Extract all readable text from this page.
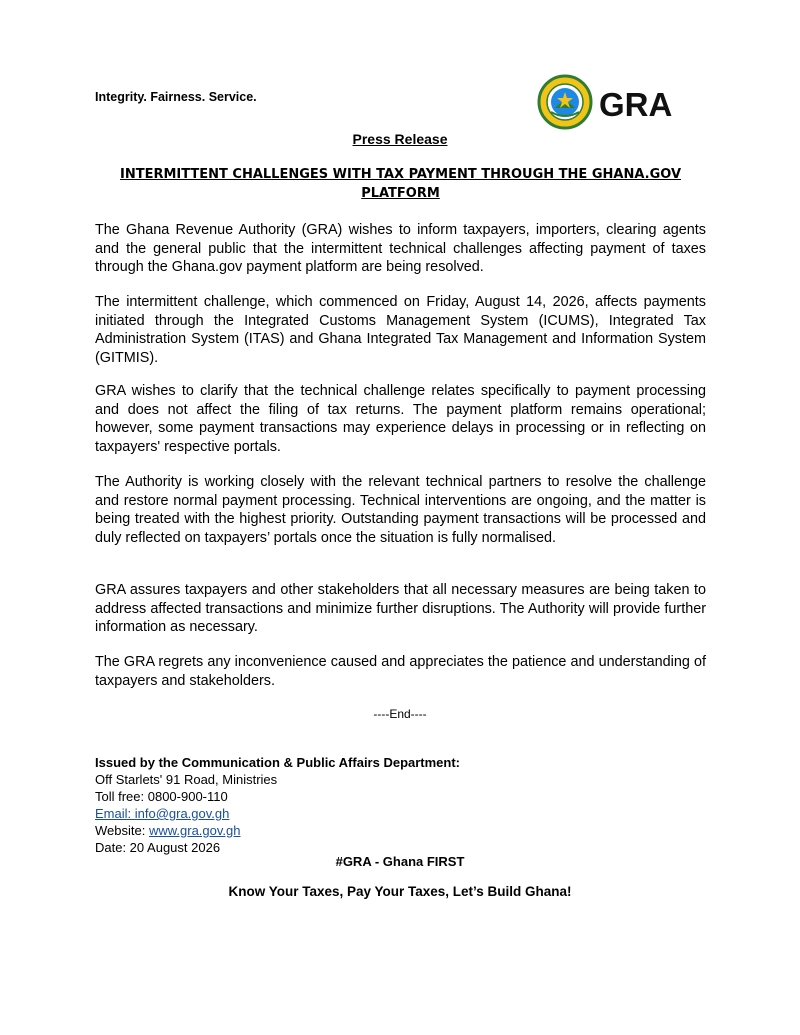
Integrity. Fairness. Service.	GRA
Press Release
INTERMITTENT CHALLENGES WITH TAX PAYMENT THROUGH THE GHANA.GOV PLATFORM

The Ghana Revenue Authority (GRA) wishes to inform taxpayers, importers, clearing agents and the general public that the intermittent technical challenges affecting payment of taxes through the Ghana.gov payment platform are being resolved.

The intermittent challenge, which commenced on Friday, August 14, 2026, affects payments initiated through the Integrated Customs Management System (ICUMS), Integrated Tax Administration System (ITAS) and Ghana Integrated Tax Management and Information System (GITMIS).

GRA wishes to clarify that the technical challenge relates specifically to payment processing and does not affect the filing of tax returns. The payment platform remains operational; however, some payment transactions may experience delays in processing or in reflecting on taxpayers' respective portals.

The Authority is working closely with the relevant technical partners to resolve the challenge and restore normal payment processing. Technical interventions are ongoing, and the matter is being treated with the highest priority. Outstanding payment transactions will be processed and duly reflected on taxpayers’ portals once the situation is fully normalised.

GRA assures taxpayers and other stakeholders that all necessary measures are being taken to address affected transactions and minimize further disruptions. The Authority will provide further information as necessary.

The GRA regrets any inconvenience caused and appreciates the patience and understanding of taxpayers and stakeholders.

----End----
Issued by the Communication & Public Affairs Department:
Off Starlets' 91 Road, Ministries
Toll free: 0800-900-110
Email: info@gra.gov.gh
Website: www.gra.gov.gh
Date: 20 August 2026
#GRA - Ghana FIRST
Know Your Taxes, Pay Your Taxes, Let’s Build Ghana!
